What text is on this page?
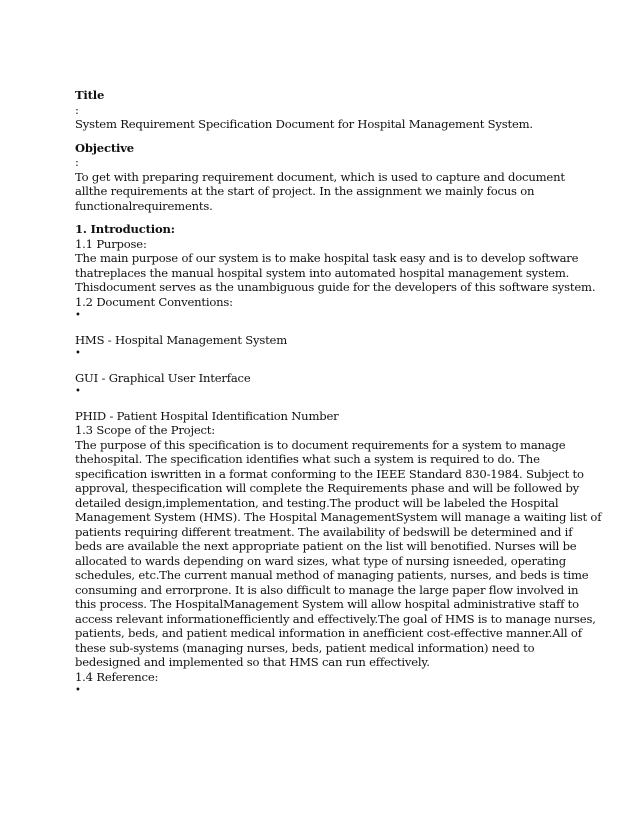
Title
:
System Requirement Specification Document for Hospital Management System.
Objective
:
To get with preparing requirement document, which is used to capture and document
allthe requirements at the start of project. In the assignment we mainly focus on
functionalrequirements.
1. Introduction:
1.1 Purpose:
The main purpose of our system is to make hospital task easy and is to develop software
thatreplaces the manual hospital system into automated hospital management system.
Thisdocument serves as the unambiguous guide for the developers of this software system.
1.2 Document Conventions:
•
HMS - Hospital Management System
•
GUI - Graphical User Interface
•
PHID - Patient Hospital Identification Number
1.3 Scope of the Project:
The purpose of this specification is to document requirements for a system to manage
thehospital. The specification identifies what such a system is required to do. The
specification iswritten in a format conforming to the IEEE Standard 830-1984. Subject to
approval, thespecification will complete the Requirements phase and will be followed by
detailed design,implementation, and testing.The product will be labeled the Hospital
Management System (HMS). The Hospital ManagementSystem will manage a waiting list of
patients requiring different treatment. The availability of bedswill be determined and if
beds are available the next appropriate patient on the list will benotified. Nurses will be
allocated to wards depending on ward sizes, what type of nursing isneeded, operating
schedules, etc.The current manual method of managing patients, nurses, and beds is time
consuming and errorprone. It is also difficult to manage the large paper flow involved in
this process. The HospitalManagement System will allow hospital administrative staff to
access relevant informationefficiently and effectively.The goal of HMS is to manage nurses,
patients, beds, and patient medical information in anefficient cost-effective manner.All of
these sub-systems (managing nurses, beds, patient medical information) need to
bedesigned and implemented so that HMS can run effectively.
1.4 Reference:
•
